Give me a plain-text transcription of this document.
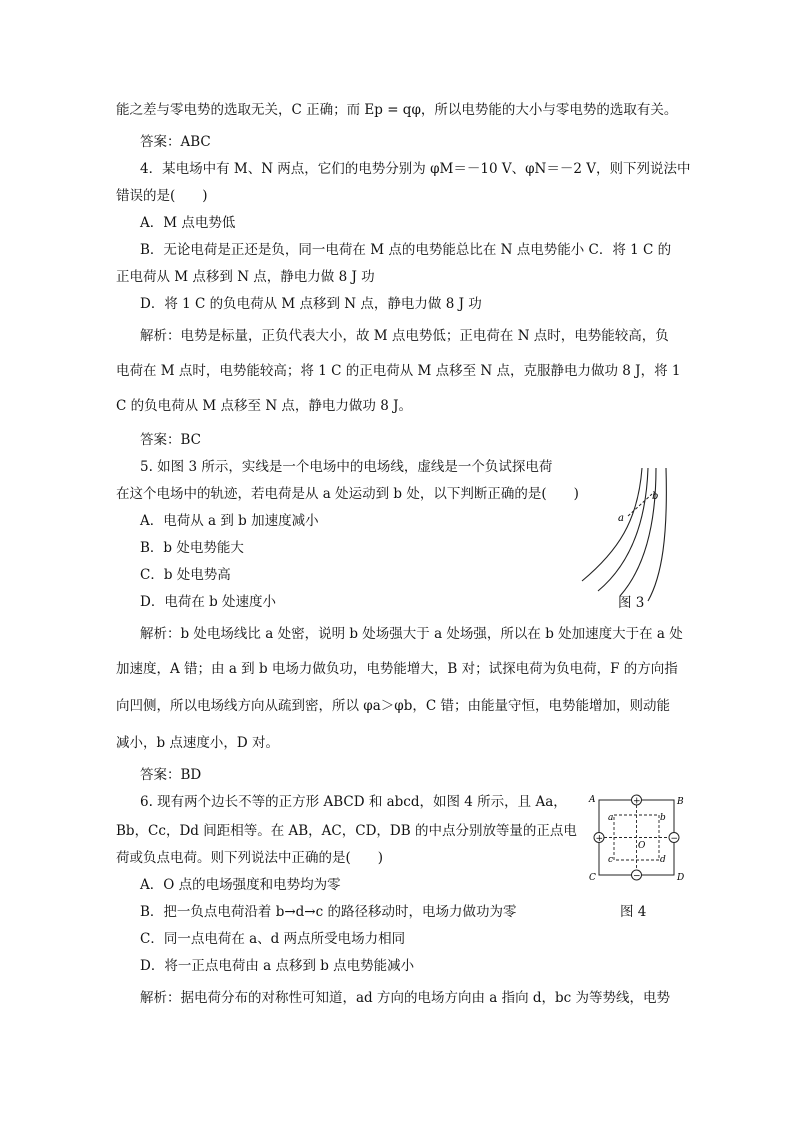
能之差与零电势的选取无关，C 正确；而 Ep = qφ，所以电势能的大小与零电势的选取有关。
答案：ABC
4．某电场中有 M、N 两点，它们的电势分别为 φM＝－10 V、φN＝－2 V，则下列说法中
错误的是(　　)
A．M 点电势低
B．无论电荷是正还是负，同一电荷在 M 点的电势能总比在 N 点电势能小 C．将 1 C 的
正电荷从 M 点移到 N 点，静电力做 8 J 功
D．将 1 C 的负电荷从 M 点移到 N 点，静电力做 8 J 功
解析：电势是标量，正负代表大小，故 M 点电势低；正电荷在 N 点时，电势能较高，负
电荷在 M 点时，电势能较高；将 1 C 的正电荷从 M 点移至 N 点，克服静电力做功 8 J，将 1
C 的负电荷从 M 点移至 N 点，静电力做功 8 J。
答案：BC
5. 如图 3 所示，实线是一个电场中的电场线，虚线是一个负试探电荷
在这个电场中的轨迹，若电荷是从 a 处运动到 b 处，以下判断正确的是(　　)
A．电荷从 a 到 b 加速度减小
B．b 处电势能大
C．b 处电势高
D．电荷在 b 处速度小
解析：b 处电场线比 a 处密，说明 b 处场强大于 a 处场强，所以在 b 处加速度大于在 a 处
加速度，A 错；由 a 到 b 电场力做负功，电势能增大，B 对；试探电荷为负电荷，F 的方向指
向凹侧，所以电场线方向从疏到密，所以 φa＞φb，C 错；由能量守恒，电势能增加，则动能
减小，b 点速度小，D 对。
答案：BD
6. 现有两个边长不等的正方形 ABCD 和 abcd，如图 4 所示，且 Aa，
Bb，Cc，Dd 间距相等。在 AB，AC，CD，DB 的中点分别放等量的正点电
荷或负点电荷。则下列说法中正确的是(　　)
A．O 点的电场强度和电势均为零
B．把一负点电荷沿着 b→d→c 的路径移动时，电场力做功为零
C．同一点电荷在 a、d 两点所受电场力相同
D．将一正点电荷由 a 点移到 b 点电势能减小
解析：据电荷分布的对称性可知道，ad 方向的电场方向由 a 指向 d，bc 为等势线，电势
a
b
图 3
+
+	−
−
A	B
C	D
a	b
c	d
O
图 4
